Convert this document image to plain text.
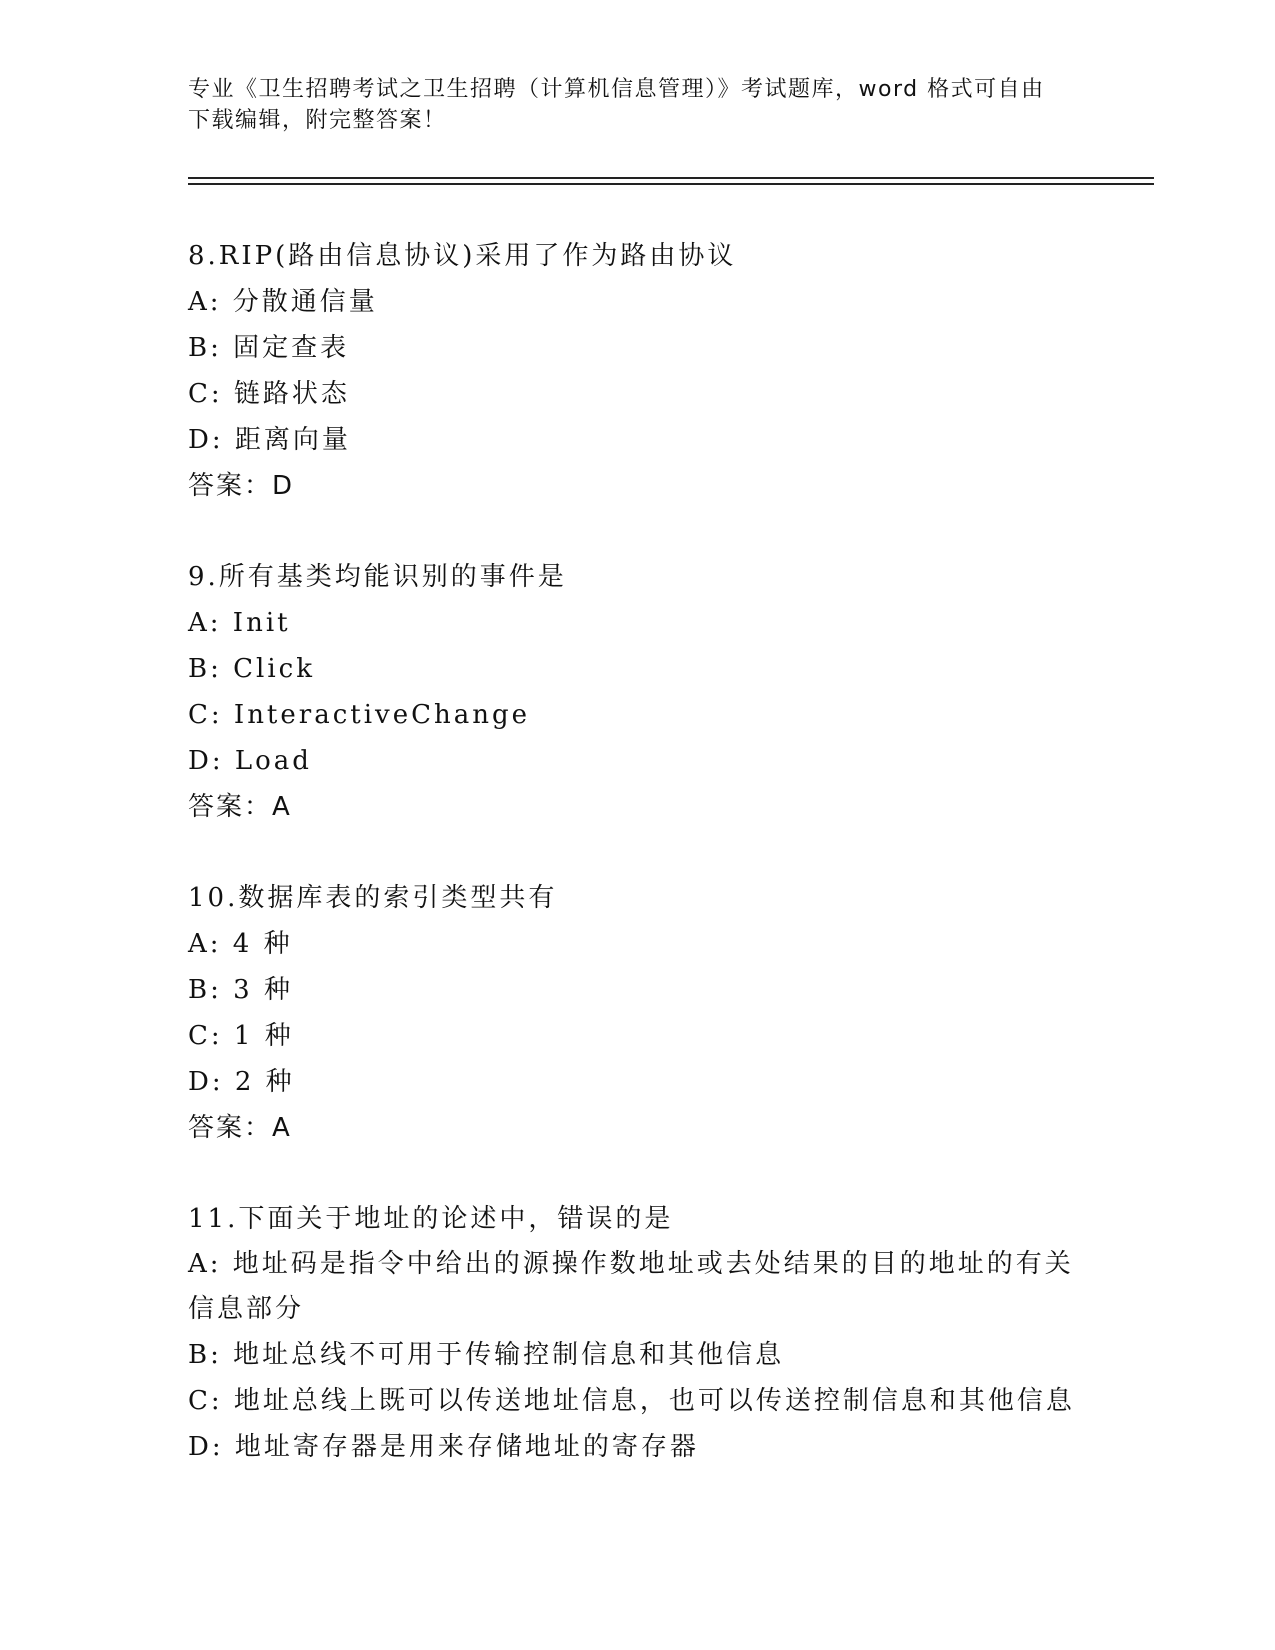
专业《卫生招聘考试之卫生招聘（计算机信息管理）》考试题库，word 格式可自由下载编辑，附完整答案！
8.RIP(路由信息协议)采用了作为路由协议
A: 分散通信量
B: 固定查表
C: 链路状态
D: 距离向量
答案：D
9.所有基类均能识别的事件是
A: Init
B: Click
C: InteractiveChange
D: Load
答案：A
10.数据库表的索引类型共有
A: 4 种
B: 3 种
C: 1 种
D: 2 种
答案：A
11.下面关于地址的论述中，错误的是
A: 地址码是指令中给出的源操作数地址或去处结果的目的地址的有关信息部分
B: 地址总线不可用于传输控制信息和其他信息
C: 地址总线上既可以传送地址信息，也可以传送控制信息和其他信息
D: 地址寄存器是用来存储地址的寄存器
